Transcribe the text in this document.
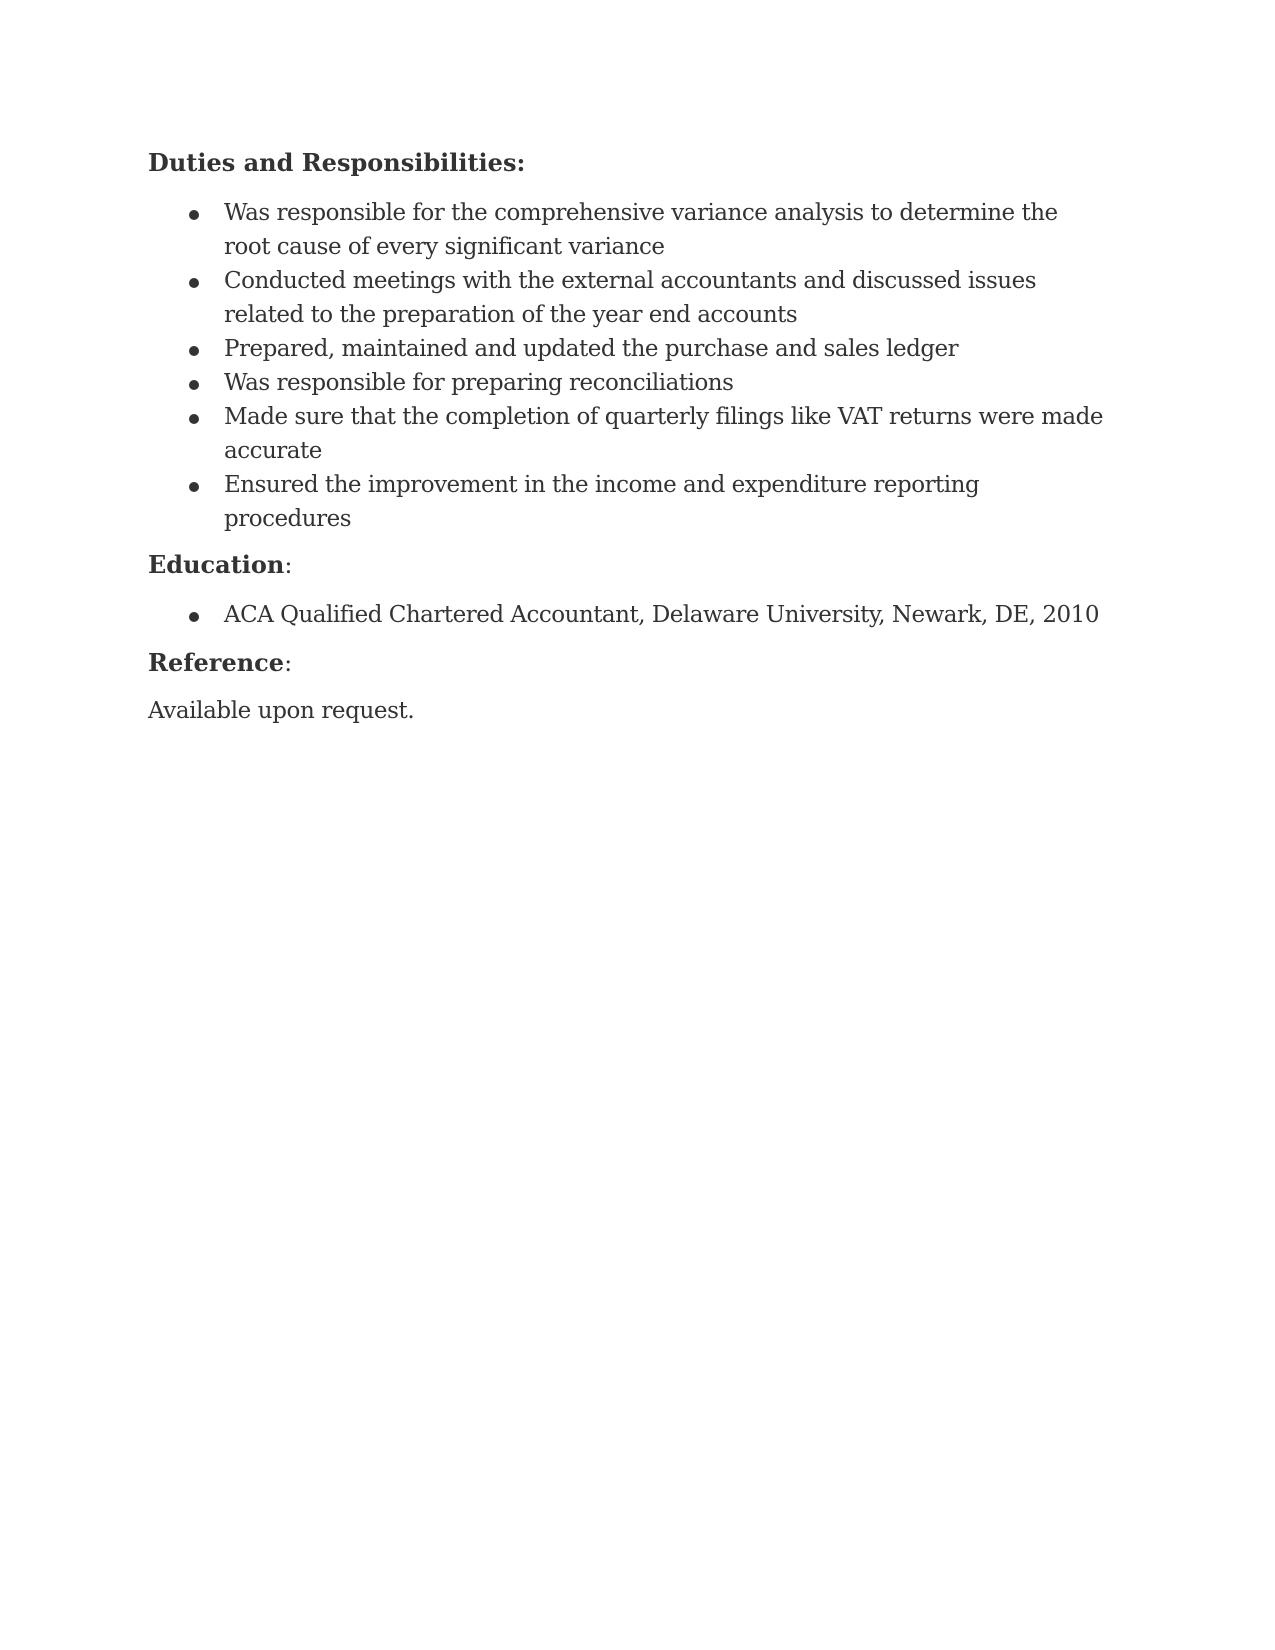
Duties and Responsibilities:
Was responsible for the comprehensive variance analysis to determine the root cause of every significant variance
Conducted meetings with the external accountants and discussed issues related to the preparation of the year end accounts
Prepared, maintained and updated the purchase and sales ledger
Was responsible for preparing reconciliations
Made sure that the completion of quarterly filings like VAT returns were made accurate
Ensured the improvement in the income and expenditure reporting procedures
Education:
ACA Qualified Chartered Accountant, Delaware University, Newark, DE, 2010
Reference:
Available upon request.
